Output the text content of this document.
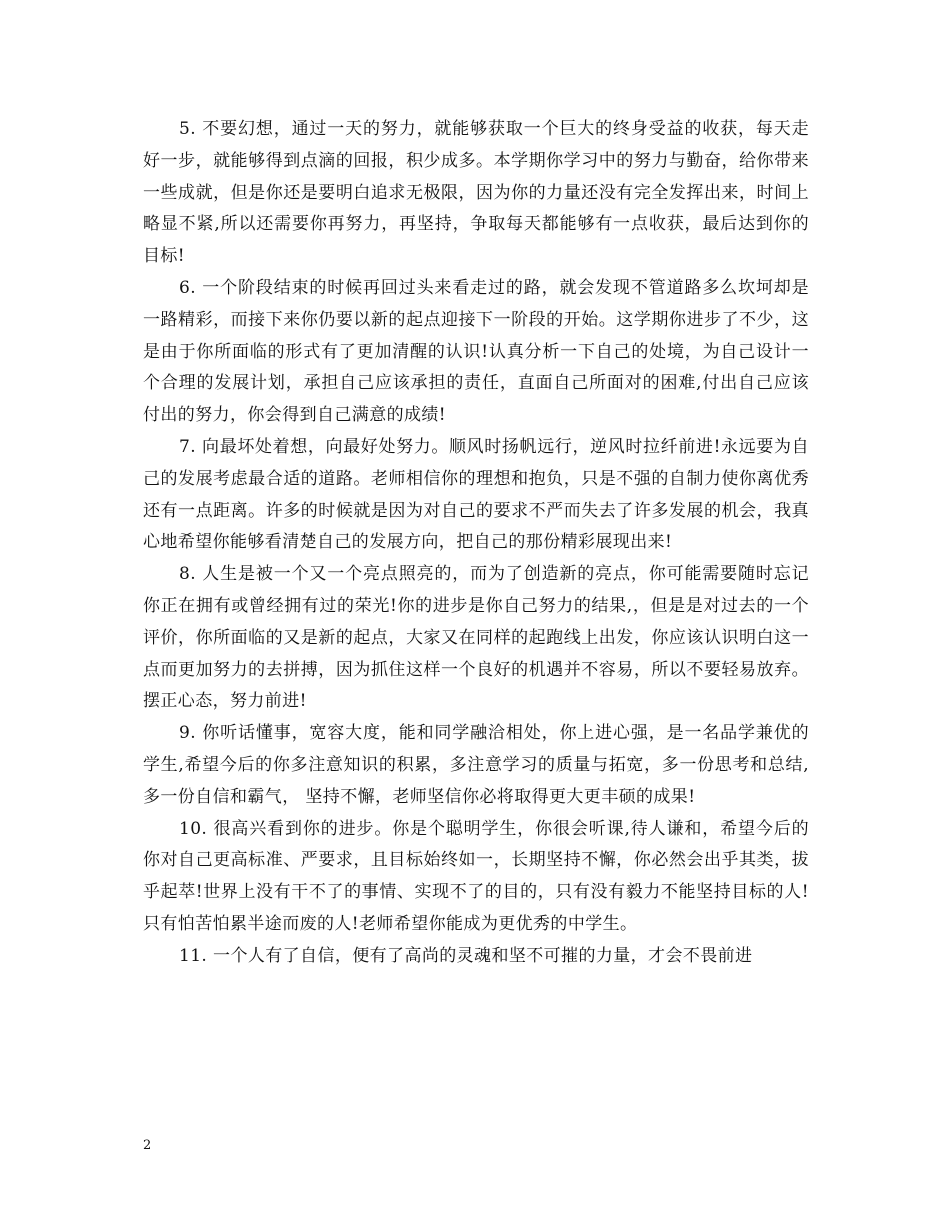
5. 不要幻想，通过一天的努力，就能够获取一个巨大的终身受益的收获，每天走好一步，就能够得到点滴的回报，积少成多。本学期你学习中的努力与勤奋，给你带来一些成就，但是你还是要明白追求无极限，因为你的力量还没有完全发挥出来，时间上略显不紧,所以还需要你再努力，再坚持，争取每天都能够有一点收获，最后达到你的目标!

6. 一个阶段结束的时候再回过头来看走过的路，就会发现不管道路多么坎坷却是一路精彩，而接下来你仍要以新的起点迎接下一阶段的开始。这学期你进步了不少，这是由于你所面临的形式有了更加清醒的认识!认真分析一下自己的处境，为自己设计一个合理的发展计划，承担自己应该承担的责任，直面自己所面对的困难,付出自己应该付出的努力，你会得到自己满意的成绩!

7. 向最坏处着想，向最好处努力。顺风时扬帆远行，逆风时拉纤前进!永远要为自己的发展考虑最合适的道路。老师相信你的理想和抱负，只是不强的自制力使你离优秀还有一点距离。许多的时候就是因为对自己的要求不严而失去了许多发展的机会，我真心地希望你能够看清楚自己的发展方向，把自己的那份精彩展现出来!

8. 人生是被一个又一个亮点照亮的，而为了创造新的亮点，你可能需要随时忘记你正在拥有或曾经拥有过的荣光!你的进步是你自己努力的结果,，但是是对过去的一个评价，你所面临的又是新的起点，大家又在同样的起跑线上出发，你应该认识明白这一点而更加努力的去拼搏，因为抓住这样一个良好的机遇并不容易，所以不要轻易放弃。摆正心态，努力前进!

9. 你听话懂事，宽容大度，能和同学融洽相处，你上进心强，是一名品学兼优的学生,希望今后的你多注意知识的积累，多注意学习的质量与拓宽，多一份思考和总结,多一份自信和霸气， 坚持不懈，老师坚信你必将取得更大更丰硕的成果!

10. 很高兴看到你的进步。你是个聪明学生，你很会听课,待人谦和，希望今后的你对自己更高标准、严要求，且目标始终如一，长期坚持不懈，你必然会出乎其类，拔乎起萃!世界上没有干不了的事情、实现不了的目的，只有没有毅力不能坚持目标的人!只有怕苦怕累半途而废的人!老师希望你能成为更优秀的中学生。

11. 一个人有了自信，便有了高尚的灵魂和坚不可摧的力量，才会不畏前进

2
